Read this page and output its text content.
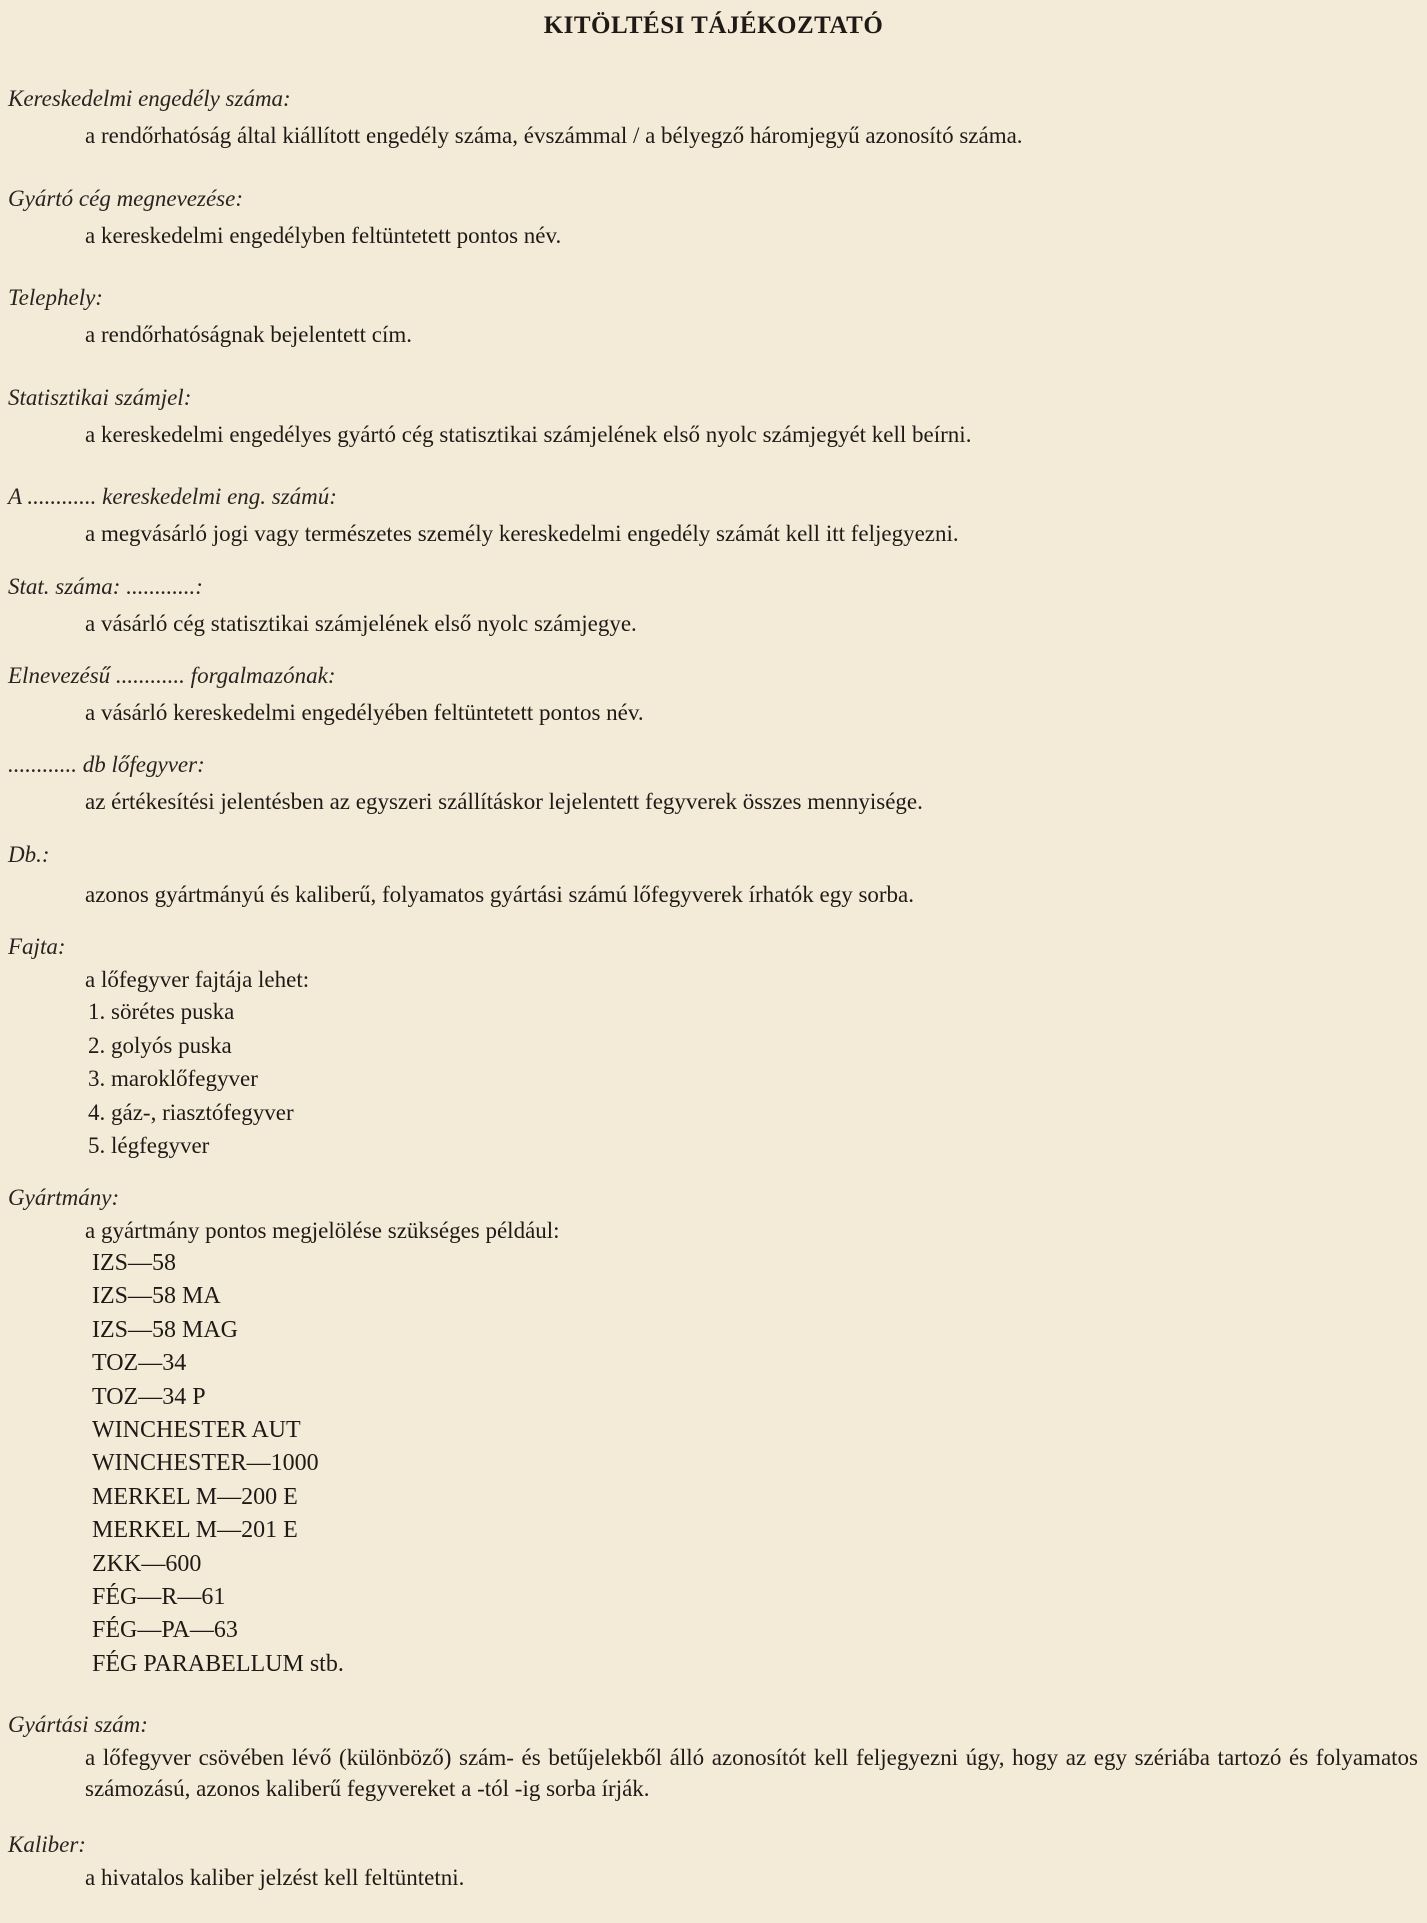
KITÖLTÉSI TÁJÉKOZTATÓ
Kereskedelmi engedély száma:
a rendőrhatóság által kiállított engedély száma, évszámmal / a bélyegző háromjegyű azonosító száma.
Gyártó cég megnevezése:
a kereskedelmi engedélyben feltüntetett pontos név.
Telephely:
a rendőrhatóságnak bejelentett cím.
Statisztikai számjel:
a kereskedelmi engedélyes gyártó cég statisztikai számjelének első nyolc számjegyét kell beírni.
A ............ kereskedelmi eng. számú:
a megvásárló jogi vagy természetes személy kereskedelmi engedély számát kell itt feljegyezni.
Stat. száma: ............:
a vásárló cég statisztikai számjelének első nyolc számjegye.
Elnevezésű ............ forgalmazónak:
a vásárló kereskedelmi engedélyében feltüntetett pontos név.
............ db lőfegyver:
az értékesítési jelentésben az egyszeri szállításkor lejelentett fegyverek összes mennyisége.
Db.:
azonos gyártmányú és kaliberű, folyamatos gyártási számú lőfegyverek írhatók egy sorba.
Fajta:
a lőfegyver fajtája lehet:
1. sörétes puska
2. golyós puska
3. maroklőfegyver
4. gáz-, riasztófegyver
5. légfegyver
Gyártmány:
a gyártmány pontos megjelölése szükséges például:
IZS—58
IZS—58 MA
IZS—58 MAG
TOZ—34
TOZ—34 P
WINCHESTER AUT
WINCHESTER—1000
MERKEL M—200 E
MERKEL M—201 E
ZKK—600
FÉG—R—61
FÉG—PA—63
FÉG PARABELLUM stb.
Gyártási szám:
a lőfegyver csövében lévő (különböző) szám- és betűjelekből álló azonosítót kell feljegyezni úgy, hogy az egy szériába tartozó és folyamatos számozású, azonos kaliberű fegyvereket a -tól -ig sorba írják.
Kaliber:
a hivatalos kaliber jelzést kell feltüntetni.
